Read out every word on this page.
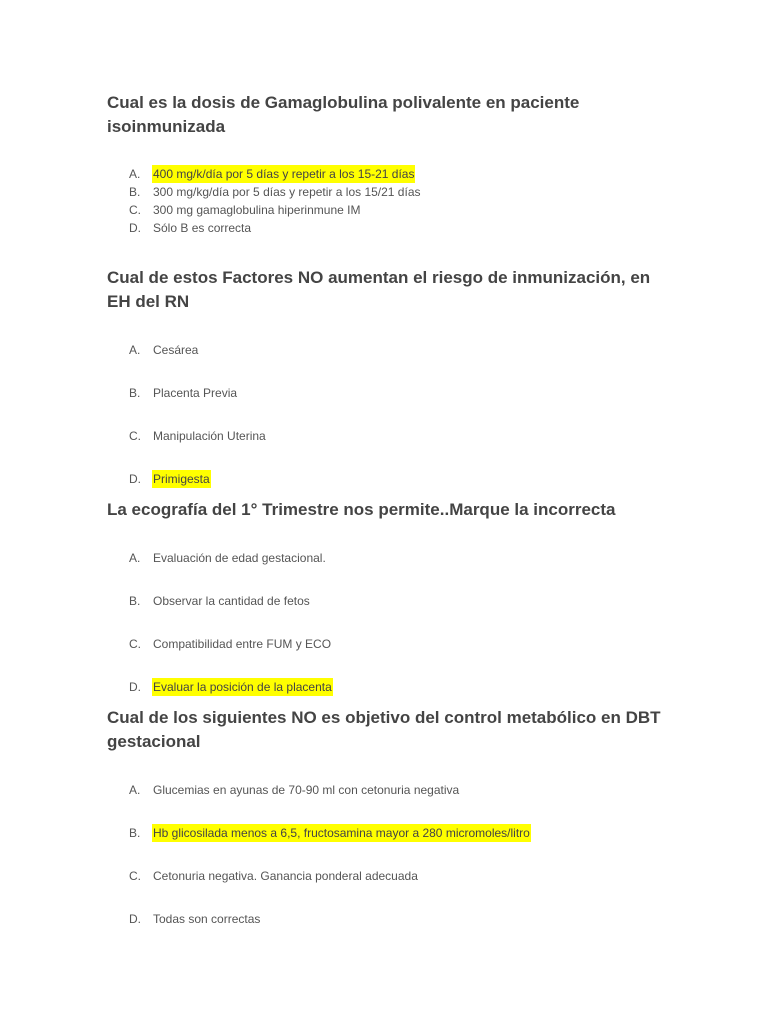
Cual es la dosis de Gamaglobulina polivalente en paciente isoinmunizada
A.	400 mg/k/día por 5 días y repetir a los 15-21 días
B.	300 mg/kg/día por 5 días y repetir a los 15/21 días
C.	300 mg gamaglobulina hiperinmune IM
D.	Sólo B es correcta
Cual de estos Factores NO aumentan el riesgo de inmunización, en EH del RN
A.	Cesárea
B.	Placenta Previa
C.	Manipulación Uterina
D.	Primigesta
La ecografía del 1° Trimestre nos permite..Marque la incorrecta
A.	Evaluación de edad gestacional.
B.	Observar la cantidad de fetos
C.	Compatibilidad entre FUM y ECO
D.	Evaluar la posición de la placenta
Cual de los siguientes NO es objetivo del control metabólico en DBT gestacional
A.	Glucemias en ayunas de 70-90 ml con cetonuria negativa
B.	Hb glicosilada menos a 6,5, fructosamina mayor a 280 micromoles/litro
C.	Cetonuria negativa. Ganancia ponderal adecuada
D.	Todas son correctas
